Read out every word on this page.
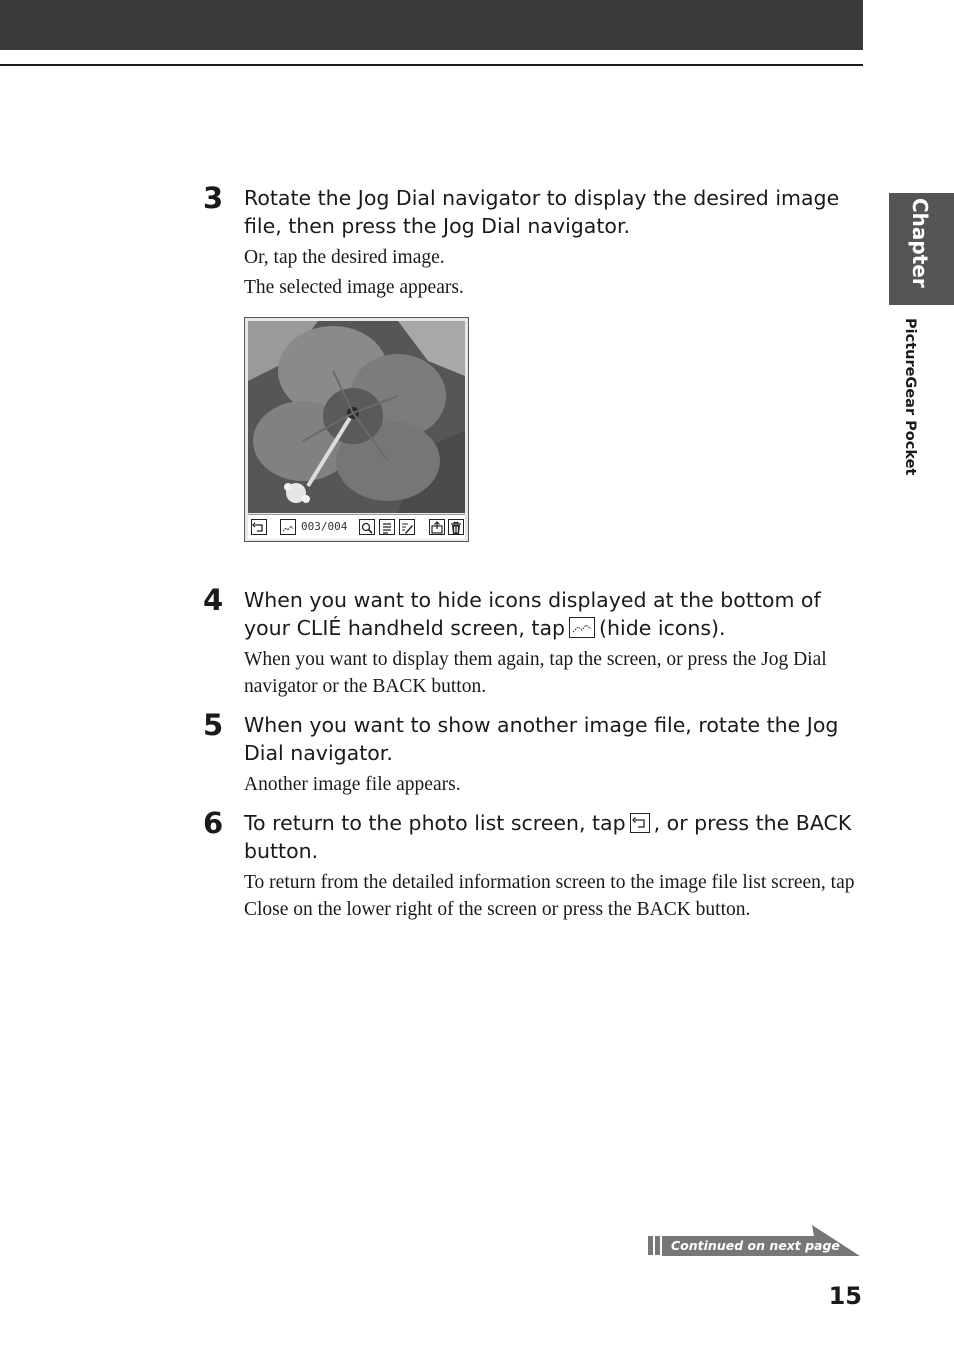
Chapter 1
PictureGear Pocket
3	Rotate the Jog Dial navigator to display the desired image file, then press the Jog Dial navigator.
Or, tap the desired image.
The selected image appears.
003/004
4	When you want to hide icons displayed at the bottom of your CLIÉ handheld screen, tap (hide icons).
When you want to display them again, tap the screen, or press the Jog Dial navigator or the BACK button.
5	When you want to show another image file, rotate the Jog Dial navigator.
Another image file appears.
6	To return to the photo list screen, tap , or press the BACK button.
To return from the detailed information screen to the image file list screen, tap Close on the lower right of the screen or press the BACK button.
Continued on next page
15
